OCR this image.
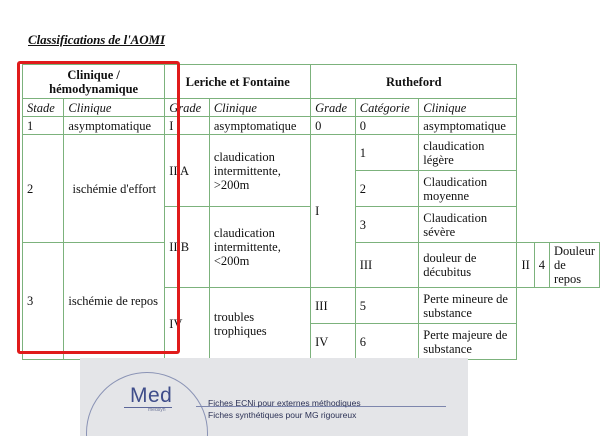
Classifications de l'AOMI
Clinique / hémodynamique		Leriche et Fontaine		Rutheford					
Stade	Clinique	Grade	Clinique	Grade	Catégorie	Clinique			
1	asymptomatique	I	asymptomatique	0	0	asymptomatique			
2	ischémie d'effort	II A	claudication intermittente, >200m	I	1	claudication légère			
					2	Claudication moyenne			
		II B	claudication intermittente, <200m		3	Claudication sévère			
3	ischémie de repos				III	douleur de décubitus	II	4	Douleur de repos
		IV	troubles trophiques	III	5	Perte mineure de substance			
				IV	6	Perte majeure de substance			
Med
medsyn
Fiches ECNi pour externes méthodiques
Fiches synthétiques pour MG rigoureux
